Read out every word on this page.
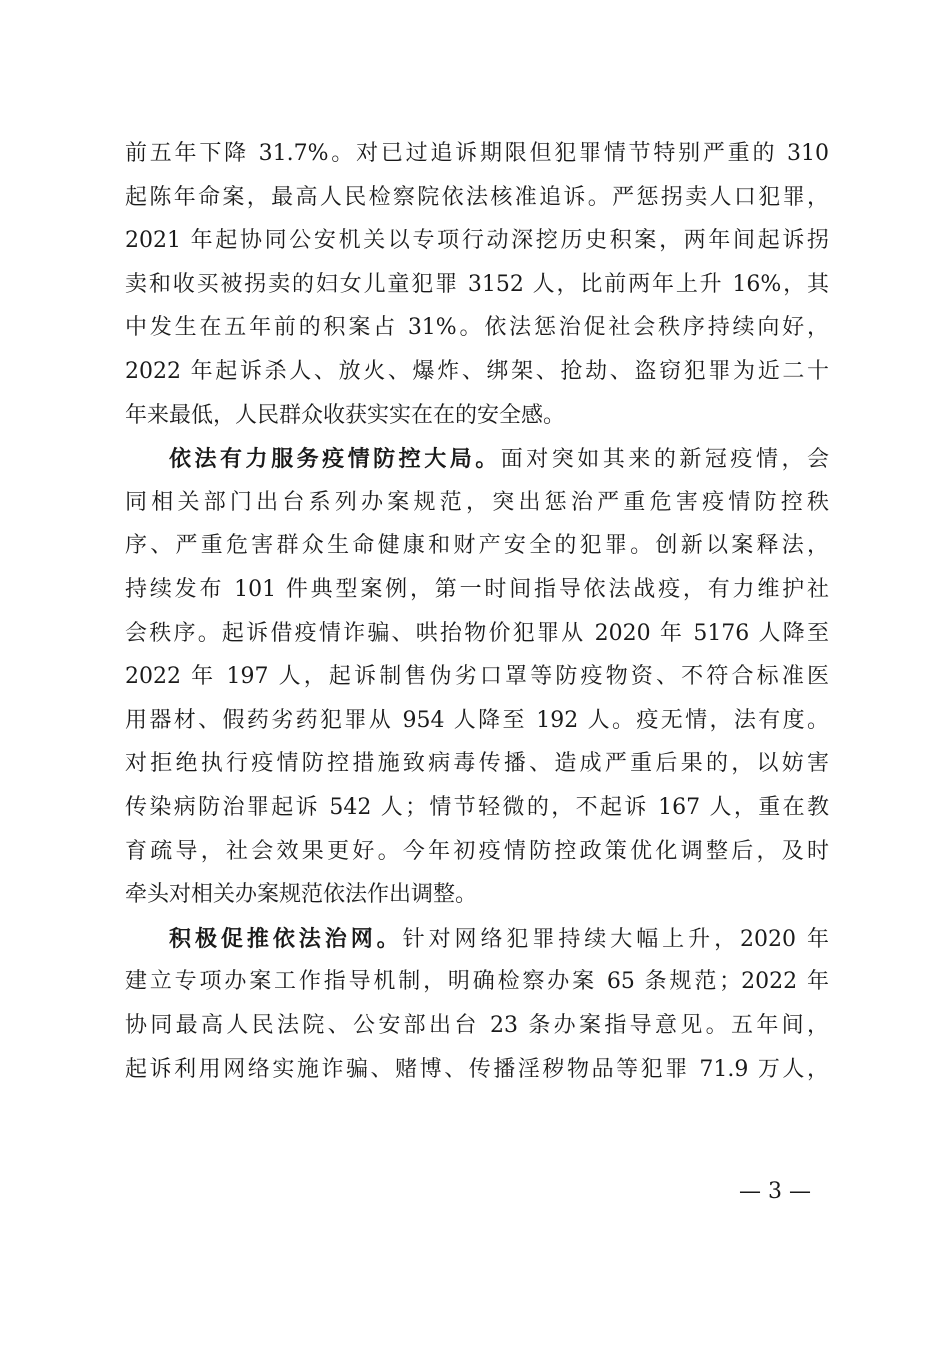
前五年下降 31.7%。对已过追诉期限但犯罪情节特别严重的 310
起陈年命案，最高人民检察院依法核准追诉。严惩拐卖人口犯罪，
2021 年起协同公安机关以专项行动深挖历史积案，两年间起诉拐
卖和收买被拐卖的妇女儿童犯罪 3152 人，比前两年上升 16%，其
中发生在五年前的积案占 31%。依法惩治促社会秩序持续向好，
2022 年起诉杀人、放火、爆炸、绑架、抢劫、盗窃犯罪为近二十
年来最低，人民群众收获实实在在的安全感。
依法有力服务疫情防控大局。面对突如其来的新冠疫情，会
同相关部门出台系列办案规范，突出惩治严重危害疫情防控秩
序、严重危害群众生命健康和财产安全的犯罪。创新以案释法，
持续发布 101 件典型案例，第一时间指导依法战疫，有力维护社
会秩序。起诉借疫情诈骗、哄抬物价犯罪从 2020 年 5176 人降至
2022 年 197 人，起诉制售伪劣口罩等防疫物资、不符合标准医
用器材、假药劣药犯罪从 954 人降至 192 人。疫无情，法有度。
对拒绝执行疫情防控措施致病毒传播、造成严重后果的，以妨害
传染病防治罪起诉 542 人；情节轻微的，不起诉 167 人，重在教
育疏导，社会效果更好。今年初疫情防控政策优化调整后，及时
牵头对相关办案规范依法作出调整。
积极促推依法治网。针对网络犯罪持续大幅上升，2020 年
建立专项办案工作指导机制，明确检察办案 65 条规范；2022 年
协同最高人民法院、公安部出台 23 条办案指导意见。五年间，
起诉利用网络实施诈骗、赌博、传播淫秽物品等犯罪 71.9 万人，
— 3 —
